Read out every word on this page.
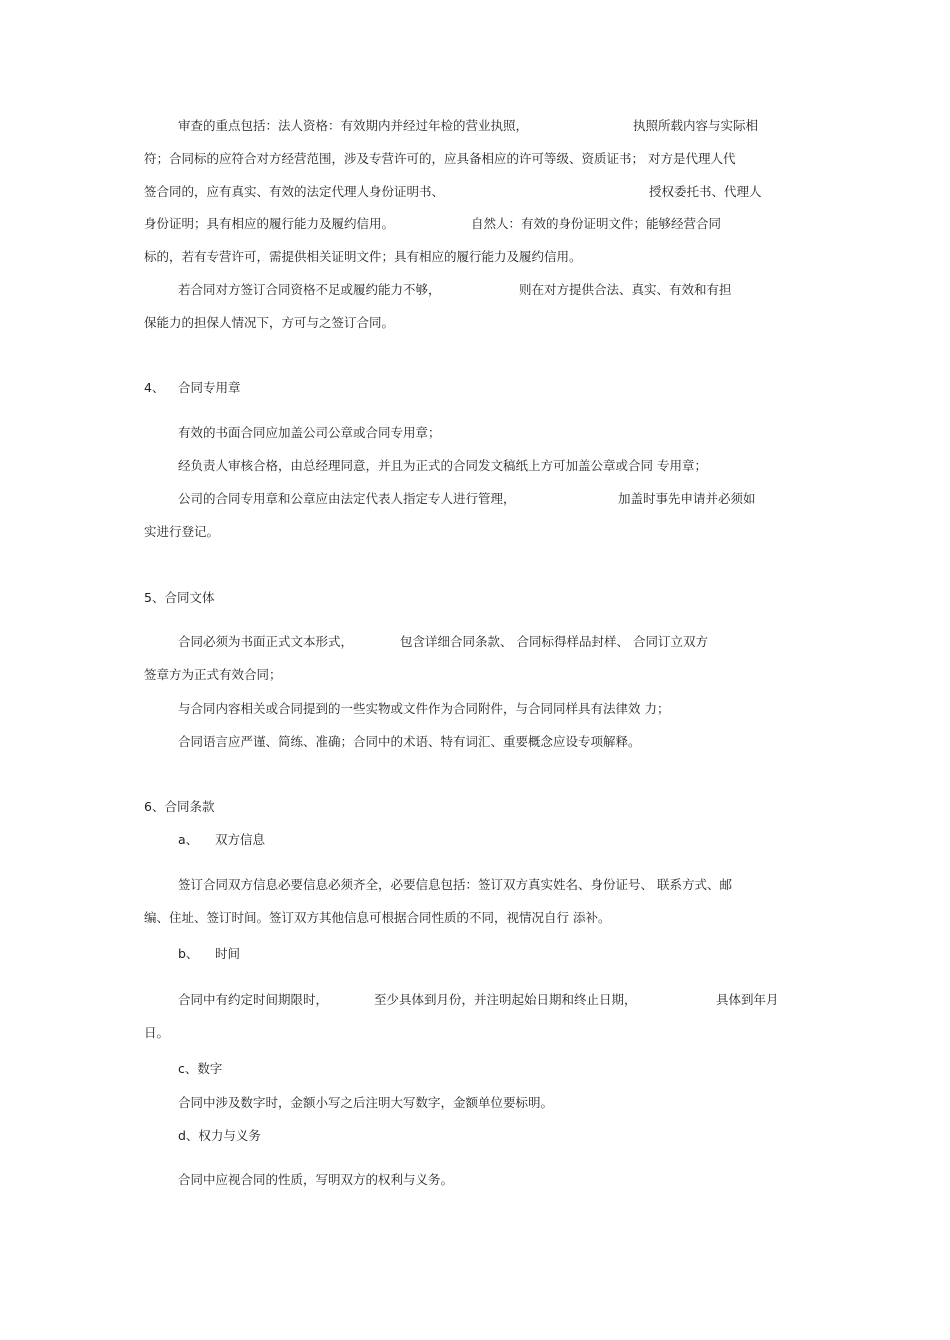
审查的重点包括：法人资格：有效期内并经过年检的营业执照，	执照所载内容与实际相
符；合同标的应符合对方经营范围，涉及专营许可的，应具备相应的许可等级、资质证书； 对方是代理人代
签合同的，应有真实、有效的法定代理人身份证明书、	授权委托书、代理人
身份证明；具有相应的履行能力及履约信用。	自然人：有效的身份证明文件；能够经营合同
标的，若有专营许可，需提供相关证明文件；具有相应的履行能力及履约信用。
若合同对方签订合同资格不足或履约能力不够，	则在对方提供合法、真实、有效和有担
保能力的担保人情况下，方可与之签订合同。
4、 合同专用章
有效的书面合同应加盖公司公章或合同专用章；
经负责人审核合格，由总经理同意，并且为正式的合同发文稿纸上方可加盖公章或合同 专用章；
公司的合同专用章和公章应由法定代表人指定专人进行管理，	加盖时事先申请并必须如
实进行登记。
5、合同文体
合同必须为书面正式文本形式，	包含详细合同条款、 合同标得样品封样、 合同订立双方
签章方为正式有效合同；
与合同内容相关或合同提到的一些实物或文件作为合同附件，与合同同样具有法律效 力；
合同语言应严谨、简练、准确；合同中的术语、特有词汇、重要概念应设专项解释。
6、合同条款
a、 双方信息
签订合同双方信息必要信息必须齐全，必要信息包括：签订双方真实姓名、身份证号、 联系方式、邮
编、住址、签订时间。签订双方其他信息可根据合同性质的不同，视情况自行 添补。
b、 时间
合同中有约定时间期限时，	至少具体到月份，并注明起始日期和终止日期，	具体到年月
日。
c、数字
合同中涉及数字时，金额小写之后注明大写数字，金额单位要标明。
d、权力与义务
合同中应视合同的性质，写明双方的权利与义务。
